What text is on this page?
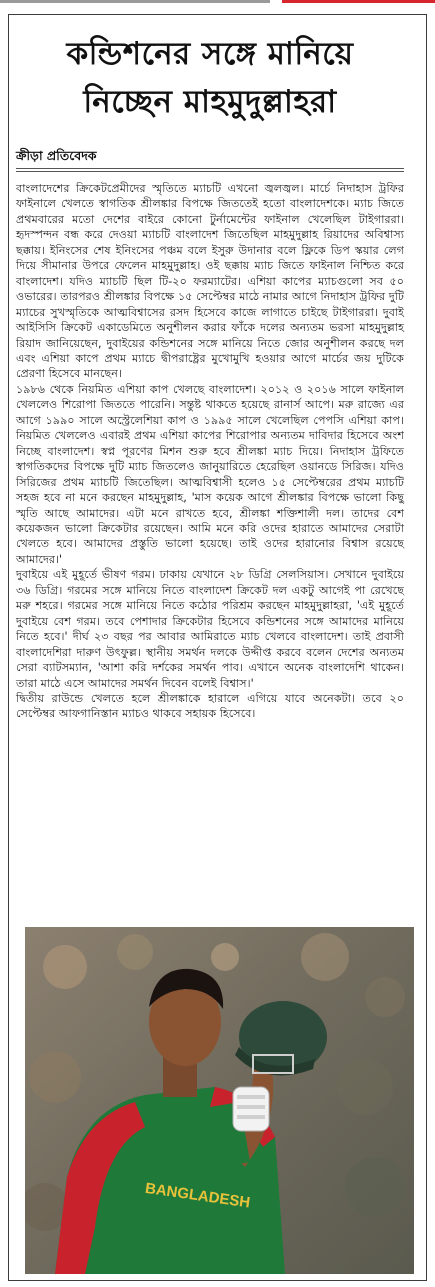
কন্ডিশনের সঙ্গে মানিয়ে
নিচ্ছেন মাহমুদুল্লাহরা
ক্রীড়া প্রতিবেদক

বাংলাদেশের ক্রিকেটপ্রেমীদের স্মৃতিতে ম্যাচটি এখনো জ্বলজ্বল। মার্চে নিদাহাস ট্রফির ফাইনালে খেলতে স্বাগতিক শ্রীলঙ্কার বিপক্ষে জিততেই হতো বাংলাদেশকে। ম্যাচ জিতে প্রথমবারের মতো দেশের বাইরে কোনো টুর্নামেন্টের ফাইনাল খেলেছিল টাইগাররা। হৃদস্পন্দন বন্ধ করে দেওয়া ম্যাচটি বাংলাদেশ জিতেছিল মাহমুদুল্লাহ রিয়াদের অবিশ্বাস্য ছক্কায়। ইনিংসের শেষ ইনিংসের পঞ্চম বলে ইসুরু উদানার বলে ফ্লিকে ডিপ স্কয়ার লেগ দিয়ে সীমানার উপরে ফেলেন মাহমুদুল্লাহ। ওই ছক্কায় ম্যাচ জিতে ফাইনাল নিশ্চিত করে বাংলাদেশ। যদিও ম্যাচটি ছিল টি-২০ ফরম্যাটের। এশিয়া কাপের ম্যাচগুলো সব ৫০ ওভারের। তারপরও শ্রীলঙ্কার বিপক্ষে ১৫ সেপ্টেম্বর মাঠে নামার আগে নিদাহাস ট্রফির দুটি ম্যাচের সুখস্মৃতিকে আত্মবিশ্বাসের রসদ হিসেবে কাজে লাগাতে চাইছে টাইগাররা। দুবাই আইসিসি ক্রিকেট একাডেমিতে অনুশীলন করার ফাঁকে দলের অন্যতম ভরসা মাহমুদুল্লাহ রিয়াদ জানিয়েছেন, দুবাইয়ের কন্ডিশনের সঙ্গে মানিয়ে নিতে জোর অনুশীলন করছে দল এবং এশিয়া কাপে প্রথম ম্যাচে দ্বীপরাষ্ট্রের মুখোমুখি হওয়ার আগে মার্চের জয় দুটিকে প্রেরণা হিসেবে মানছেন।

১৯৮৬ থেকে নিয়মিত এশিয়া কাপ খেলছে বাংলাদেশ। ২০১২ ও ২০১৬ সালে ফাইনাল খেললেও শিরোপা জিততে পারেনি। সন্তুষ্ট থাকতে হয়েছে রানার্স আপে। মরু রাজ্যে এর আগে ১৯৯০ সালে অস্ট্রেলেশিয়া কাপ ও ১৯৯৫ সালে খেলেছিল পেপসি এশিয়া কাপ। নিয়মিত খেললেও এবারই প্রথম এশিয়া কাপের শিরোপার অন্যতম দাবিদার হিসেবে অংশ নিচ্ছে বাংলাদেশ। স্বপ্ন পূরণের মিশন শুরু হবে শ্রীলঙ্কা ম্যাচ দিয়ে। নিদাহাস ট্রফিতে স্বাগতিকদের বিপক্ষে দুটি ম্যাচ জিতলেও জানুয়ারিতে হেরেছিল ওয়ানডে সিরিজ। যদিও সিরিজের প্রথম ম্যাচটি জিতেছিল। আত্মবিশ্বাসী হলেও ১৫ সেপ্টেম্বরের প্রথম ম্যাচটি সহজ হবে না মনে করছেন মাহমুদুল্লাহ, 'মাস কয়েক আগে শ্রীলঙ্কার বিপক্ষে ভালো কিছু স্মৃতি আছে আমাদের। এটা মনে রাখতে হবে, শ্রীলঙ্কা শক্তিশালী দল। তাদের বেশ কয়েকজন ভালো ক্রিকেটার রয়েছেন। আমি মনে করি ওদের হারাতে আমাদের সেরাটা খেলতে হবে। আমাদের প্রস্তুতি ভালো হয়েছে। তাই ওদের হারানোর বিশ্বাস রয়েছে আমাদের।'

দুবাইয়ে এই মুহূর্তে ভীষণ গরম। ঢাকায় যেখানে ২৮ ডিগ্রি সেলসিয়াস। সেখানে দুবাইয়ে ৩৬ ডিগ্রি। গরমের সঙ্গে মানিয়ে নিতে বাংলাদেশ ক্রিকেট দল একটু আগেই পা রেখেছে মরু শহরে। গরমের সঙ্গে মানিয়ে নিতে কঠোর পরিশ্রম করছেন মাহমুদুল্লাহরা, 'এই মুহূর্তে দুবাইয়ে বেশ গরম। তবে পেশাদার ক্রিকেটার হিসেবে কন্ডিশনের সঙ্গে আমাদের মানিয়ে নিতে হবে।' দীর্ঘ ২৩ বছর পর আবার আমিরাতে ম্যাচ খেলবে বাংলাদেশ। তাই প্রবাসী বাংলাদেশিরা দারুণ উৎফুল্ল। স্থানীয় সমর্থন দলকে উদ্দীপ্ত করবে বলেন দেশের অন্যতম সেরা ব্যাটসম্যান, 'আশা করি দর্শকের সমর্থন পাব। এখানে অনেক বাংলাদেশি থাকেন। তারা মাঠে এসে আমাদের সমর্থন দিবেন বলেই বিশ্বাস।'

দ্বিতীয় রাউন্ডে খেলতে হলে শ্রীলঙ্কাকে হারালে এগিয়ে যাবে অনেকটা। তবে ২০ সেপ্টেম্বর আফগানিস্তান ম্যাচও থাকবে সহায়ক হিসেবে।

BANGLADESH
